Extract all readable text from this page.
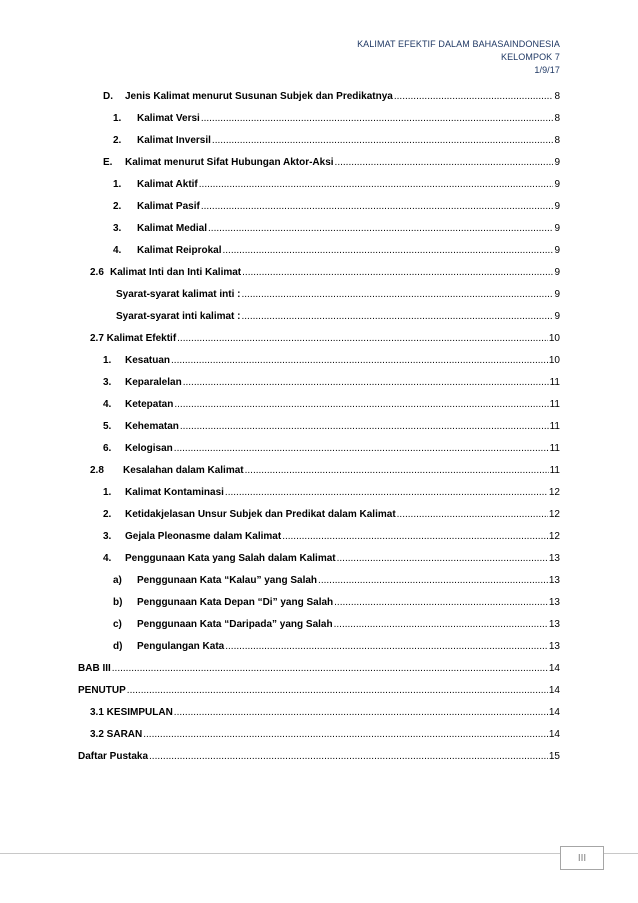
KALIMAT EFEKTIF DALAM BAHASAINDONESIA
KELOMPOK 7
1/9/17
D.	Jenis Kalimat menurut Susunan Subjek dan Predikatnya .....	8
1.	Kalimat Versi .....	8
2.	Kalimat Inversil .....	8
E.	Kalimat menurut Sifat Hubungan Aktor-Aksi .....	9
1.	Kalimat Aktif .....	9
2.	Kalimat Pasif .....	9
3.	Kalimat Medial .....	9
4.	Kalimat Reiprokal .....	9
2.6 Kalimat Inti dan Inti Kalimat .....	9
Syarat-syarat kalimat inti : .....	9
Syarat-syarat inti kalimat : .....	9
2.7 Kalimat Efektif .....	10
1.	Kesatuan .....	10
3.	Keparalelan .....	11
4.	Ketepatan .....	11
5.	Kehematan .....	11
6.	Kelogisan .....	11
2.8	Kesalahan dalam Kalimat .....	11
1.	Kalimat Kontaminasi .....	12
2.	Ketidakjelasan Unsur Subjek dan Predikat dalam Kalimat .....	12
3.	Gejala Pleonasme dalam Kalimat .....	12
4.	Penggunaan Kata yang Salah dalam Kalimat .....	13
a)	Penggunaan Kata “Kalau” yang Salah .....	13
b)	Penggunaan Kata Depan “Di” yang Salah .....	13
c)	Penggunaan Kata “Daripada” yang Salah .....	13
d)	Pengulangan Kata .....	13
BAB III .....	14
PENUTUP .....	14
3.1 KESIMPULAN .....	14
3.2 SARAN .....	14
Daftar Pustaka .....	15
III
